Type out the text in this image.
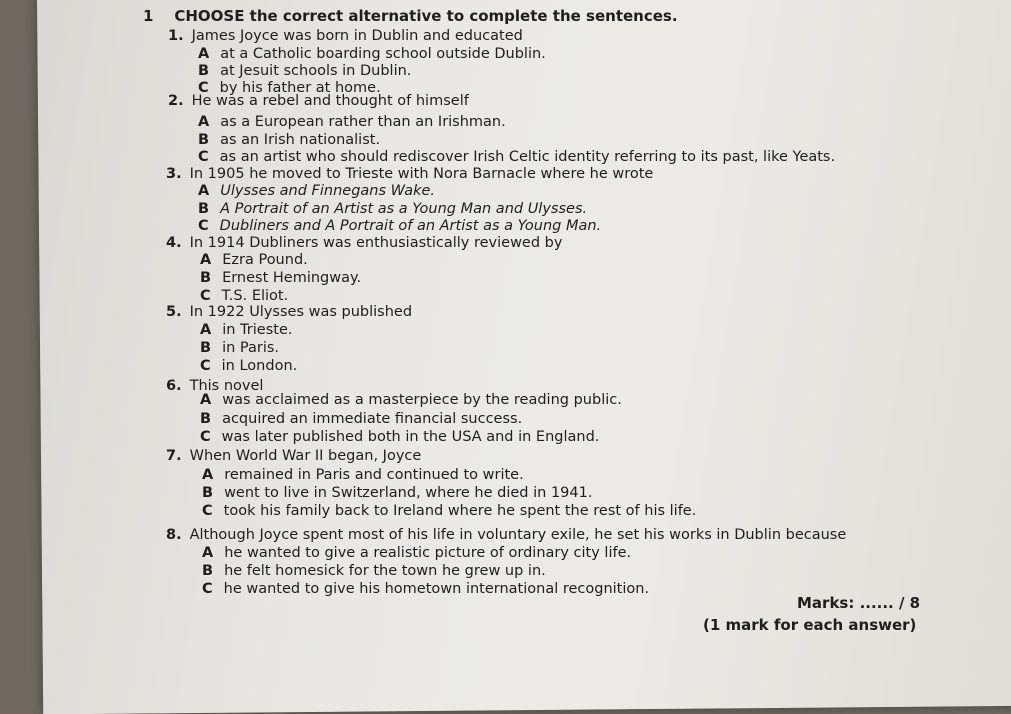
1 CHOOSE the correct alternative to complete the sentences.
1. James Joyce was born in Dublin and educated
A at a Catholic boarding school outside Dublin.
B at Jesuit schools in Dublin.
C by his father at home.
2. He was a rebel and thought of himself
A as a European rather than an Irishman.
B as an Irish nationalist.
C as an artist who should rediscover Irish Celtic identity referring to its past, like Yeats.
3. In 1905 he moved to Trieste with Nora Barnacle where he wrote
A Ulysses and Finnegans Wake.
B A Portrait of an Artist as a Young Man and Ulysses.
C Dubliners and A Portrait of an Artist as a Young Man.
4. In 1914 Dubliners was enthusiastically reviewed by
A Ezra Pound.
B Ernest Hemingway.
C T.S. Eliot.
5. In 1922 Ulysses was published
A in Trieste.
B in Paris.
C in London.
6. This novel
A was acclaimed as a masterpiece by the reading public.
B acquired an immediate financial success.
C was later published both in the USA and in England.
7. When World War II began, Joyce
A remained in Paris and continued to write.
B went to live in Switzerland, where he died in 1941.
C took his family back to Ireland where he spent the rest of his life.
8. Although Joyce spent most of his life in voluntary exile, he set his works in Dublin because
A he wanted to give a realistic picture of ordinary city life.
B he felt homesick for the town he grew up in.
C he wanted to give his hometown international recognition.
Marks: ...... / 8
(1 mark for each answer)
